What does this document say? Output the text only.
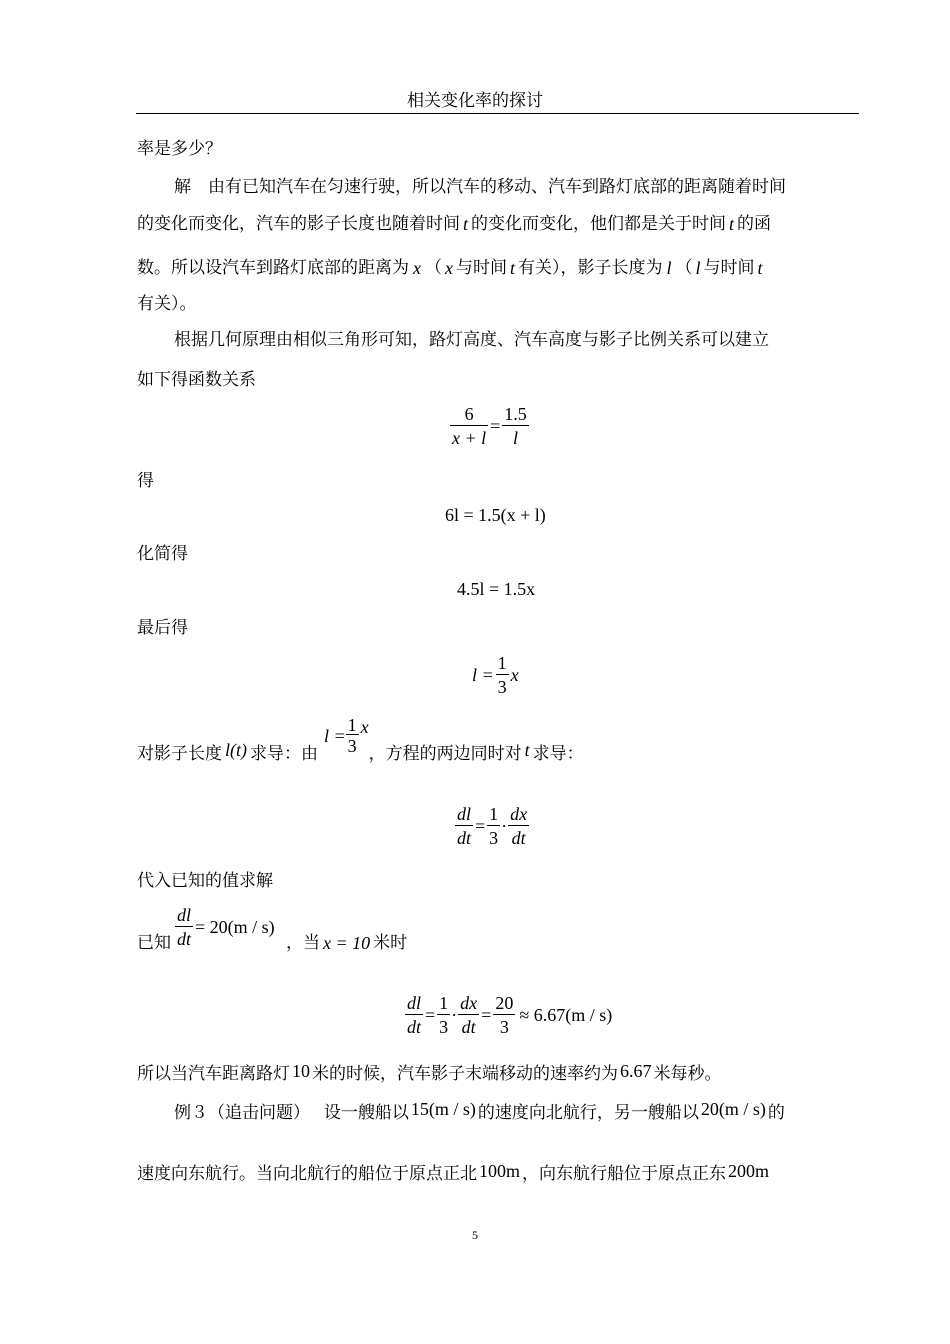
相关变化率的探讨
率是多少？
解　由有已知汽车在匀速行驶，所以汽车的移动、汽车到路灯底部的距离随着时间
的变化而变化，汽车的影子长度也随着时间 t 的变化而变化，他们都是关于时间 t 的函
数。所以设汽车到路灯底部的距离为 x （ x 与时间 t 有关），影子长度为 l （ l 与时间 t
有关）。
根据几何原理由相似三角形可知，路灯高度、汽车高度与影子比例关系可以建立
如下得函数关系
$\frac{6}{x + l} = \frac{1.5}{l}$
得
6l = 1.5(x + l)
化简得
4.5l = 1.5x
最后得
$l = \frac{1}{3}$ x
对影子长度 l(t) 求导：由
$l = \frac{1}{3}$ x
，方程的两边同时对 t 求导：
$\frac{dl}{dt} = \frac{1}{3} \cdot \frac{dx}{dt}$
代入已知的值求解
已知 $\frac{dl}{dt} = 20(m / s)$
，当 x = 10 米时
$\frac{dl}{dt} = \frac{1}{3} \cdot \frac{dx}{dt} = \frac{20}{3} \approx 6.67(m / s)$
所以当汽车距离路灯 10 米的时候，汽车影子末端移动的速率约为 6.67 米每秒。
例３（追击问题）　 设一艘船以 15(m / s) 的速度向北航行，另一艘船以 20(m / s) 的
速度向东航行。当向北航行的船位于原点正北 100m ，向东航行船位于原点正东 200m
5
